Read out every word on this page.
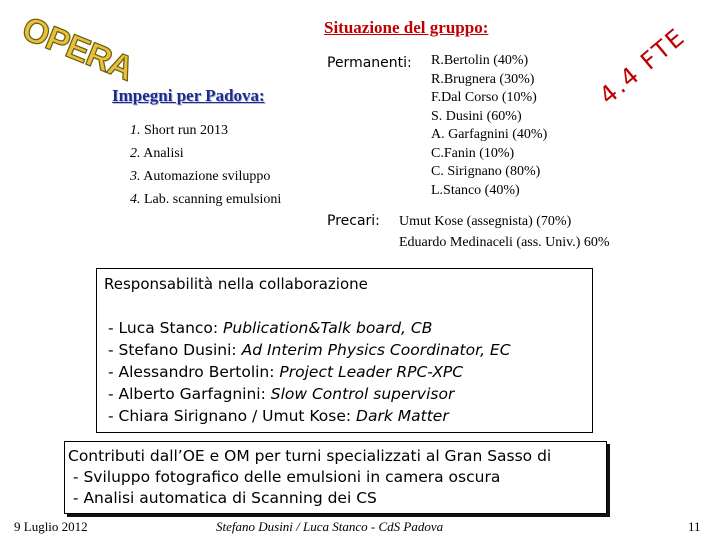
OPERA	Situazione del gruppo:
Impegni per Padova:
1. Short run 2013
2. Analisi
3. Automazione sviluppo
4. Lab. scanning emulsioni
Permanenti: R.Bertolin (40%)
R.Brugnera (30%)
F.Dal Corso (10%)
S. Dusini (60%)
A. Garfagnini (40%)
C.Fanin (10%)
C. Sirignano (80%)
L.Stanco (40%)
4.4 FTE
Precari: Umut Kose (assegnista) (70%)
Eduardo Medinaceli (ass. Univ.) 60%
Responsabilità nella collaborazione
- Luca Stanco: Publication&Talk board, CB
- Stefano Dusini: Ad Interim Physics Coordinator, EC
- Alessandro Bertolin: Project Leader RPC-XPC
- Alberto Garfagnini: Slow Control supervisor
- Chiara Sirignano / Umut Kose: Dark Matter
Contributi dall’OE e OM per turni specializzati al Gran Sasso di
- Sviluppo fotografico delle emulsioni in camera oscura
- Analisi automatica di Scanning dei CS
9 Luglio 2012	Stefano Dusini / Luca Stanco - CdS Padova	11
